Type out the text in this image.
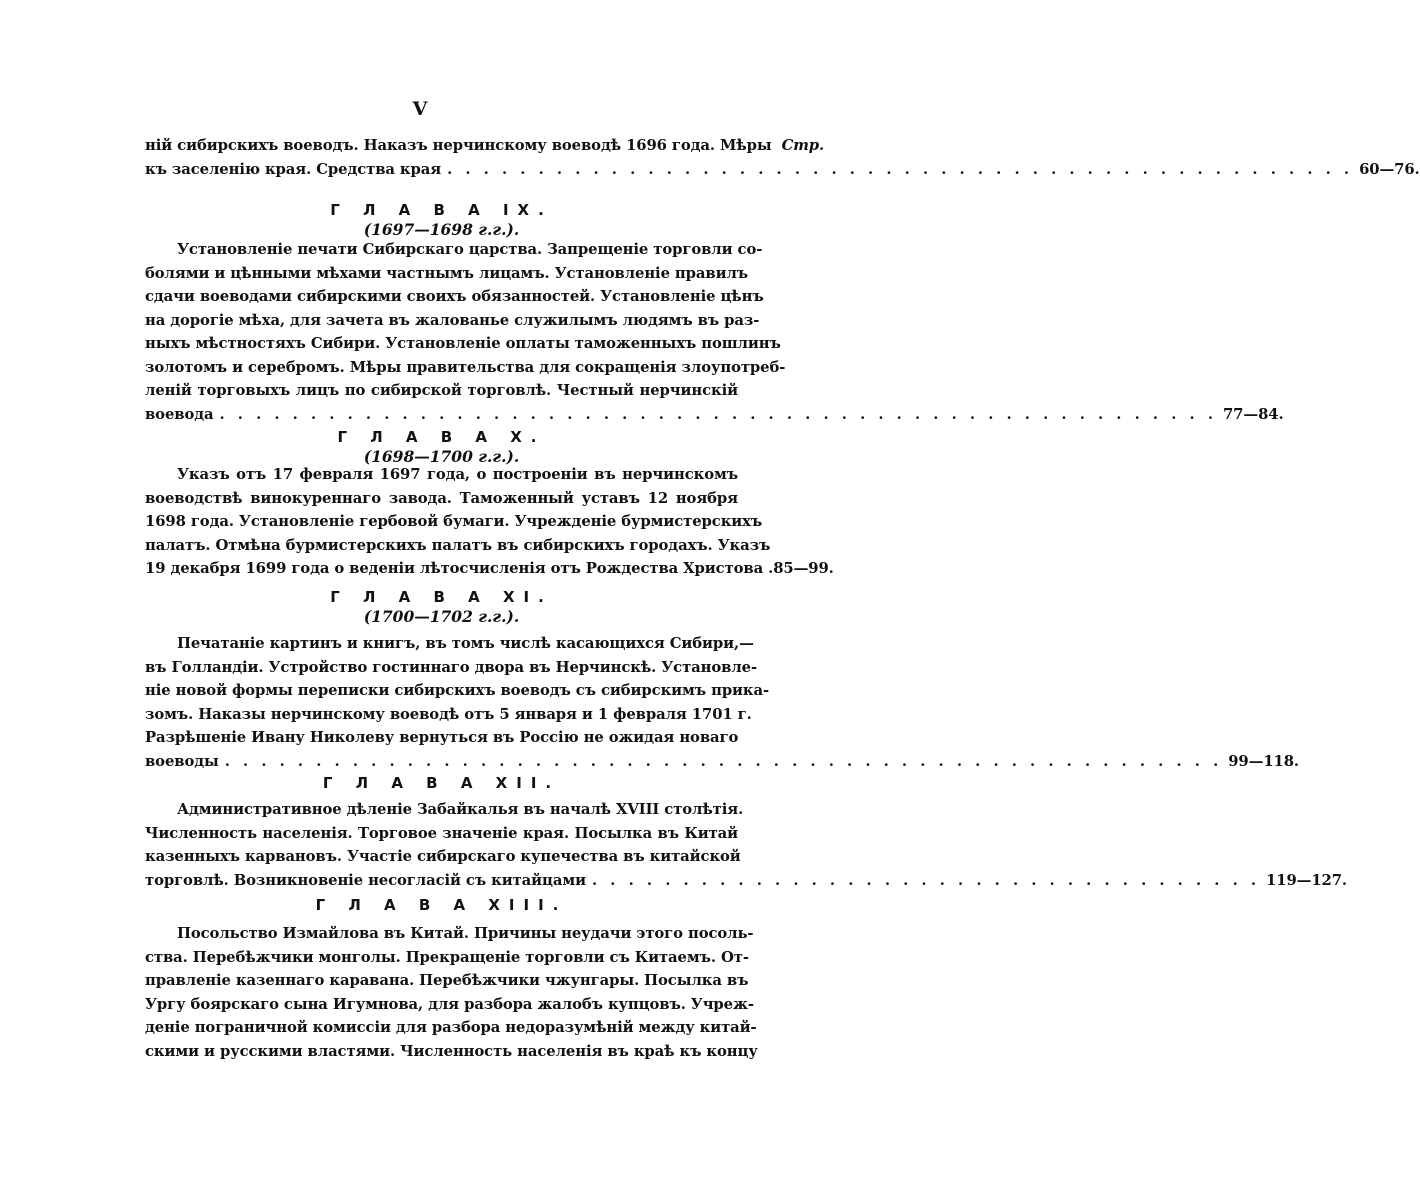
V
ній сибирскихъ воеводъ. Наказъ нерчинскому воеводѣ 1696 года. Мѣры Стр.
къ заселенію края. Средства края . . . . . . . . . . . . . . . . . . . . . . . . . . . . . . . . . . . . . . . . . . . . . . . . . . 60—76.
Г Л А В А IX.
(1697—1698 г.г.).
Установленіе печати Сибирскаго царства. Запрещеніе торговли со-
болями и цѣнными мѣхами частнымъ лицамъ. Установленіе правилъ
сдачи воеводами сибирскими своихъ обязанностей. Установленіе цѣнъ
на дорогіе мѣха, для зачета въ жалованье служилымъ людямъ въ раз-
ныхъ мѣстностяхъ Сибири. Установленіе оплаты таможенныхъ пошлинъ
золотомъ и серебромъ. Мѣры правительства для сокращенія злоупотреб-
леній торговыхъ лицъ по сибирской торговлѣ. Честный нерчинскій
воевода . . . . . . . . . . . . . . . . . . . . . . . . . . . . . . . . . . . . . . . . . . . . . . . . . . . . . . . 77—84.
Г Л А В А X.
(1698—1700 г.г.).
Указъ отъ 17 февраля 1697 года, о построеніи въ нерчинскомъ
воеводствѣ винокуреннаго завода. Таможенный уставъ 12 ноября
1698 года. Установленіе гербовой бумаги. Учрежденіе бурмистерскихъ
палатъ. Отмѣна бурмистерскихъ палатъ въ сибирскихъ городахъ. Указъ
19 декабря 1699 года о веденіи лѣтосчисленія отъ Рождества Христова . 85—99.
Г Л А В А XI.
(1700—1702 г.г.).
Печатаніе картинъ и книгъ, въ томъ числѣ касающихся Сибири,—
въ Голландіи. Устройство гостиннаго двора въ Нерчинскѣ. Установле-
ніе новой формы переписки сибирскихъ воеводъ съ сибирскимъ прика-
зомъ. Наказы нерчинскому воеводѣ отъ 5 января и 1 февраля 1701 г.
Разрѣшеніе Ивану Николеву вернуться въ Россію не ожидая новаго
воеводы . . . . . . . . . . . . . . . . . . . . . . . . . . . . . . . . . . . . . . . . . . . . . . . . . . . . . . . 99—118.
Г Л А В А XII.
Административное дѣленіе Забайкалья въ началѣ XVIII столѣтія.
Численность населенія. Торговое значеніе края. Посылка въ Китай
казенныхъ карвановъ. Участіе сибирскаго купечества въ китайской
торговлѣ. Возникновеніе несогласій съ китайцами . . . . . . . . . . . . . . . . . . . . . . . . . . . . . . . . . . . . . 119—127.
Г Л А В А XIII.
Посольство Измайлова въ Китай. Причины неудачи этого посоль-
ства. Перебѣжчики монголы. Прекращеніе торговли съ Китаемъ. От-
правленіе казеннаго каравана. Перебѣжчики чжунгары. Посылка въ
Ургу боярскаго сына Игумнова, для разбора жалобъ купцовъ. Учреж-
деніе пограничной комиссіи для разбора недоразумѣній между китай-
скими и русскими властями. Численность населенія въ краѣ къ концу
